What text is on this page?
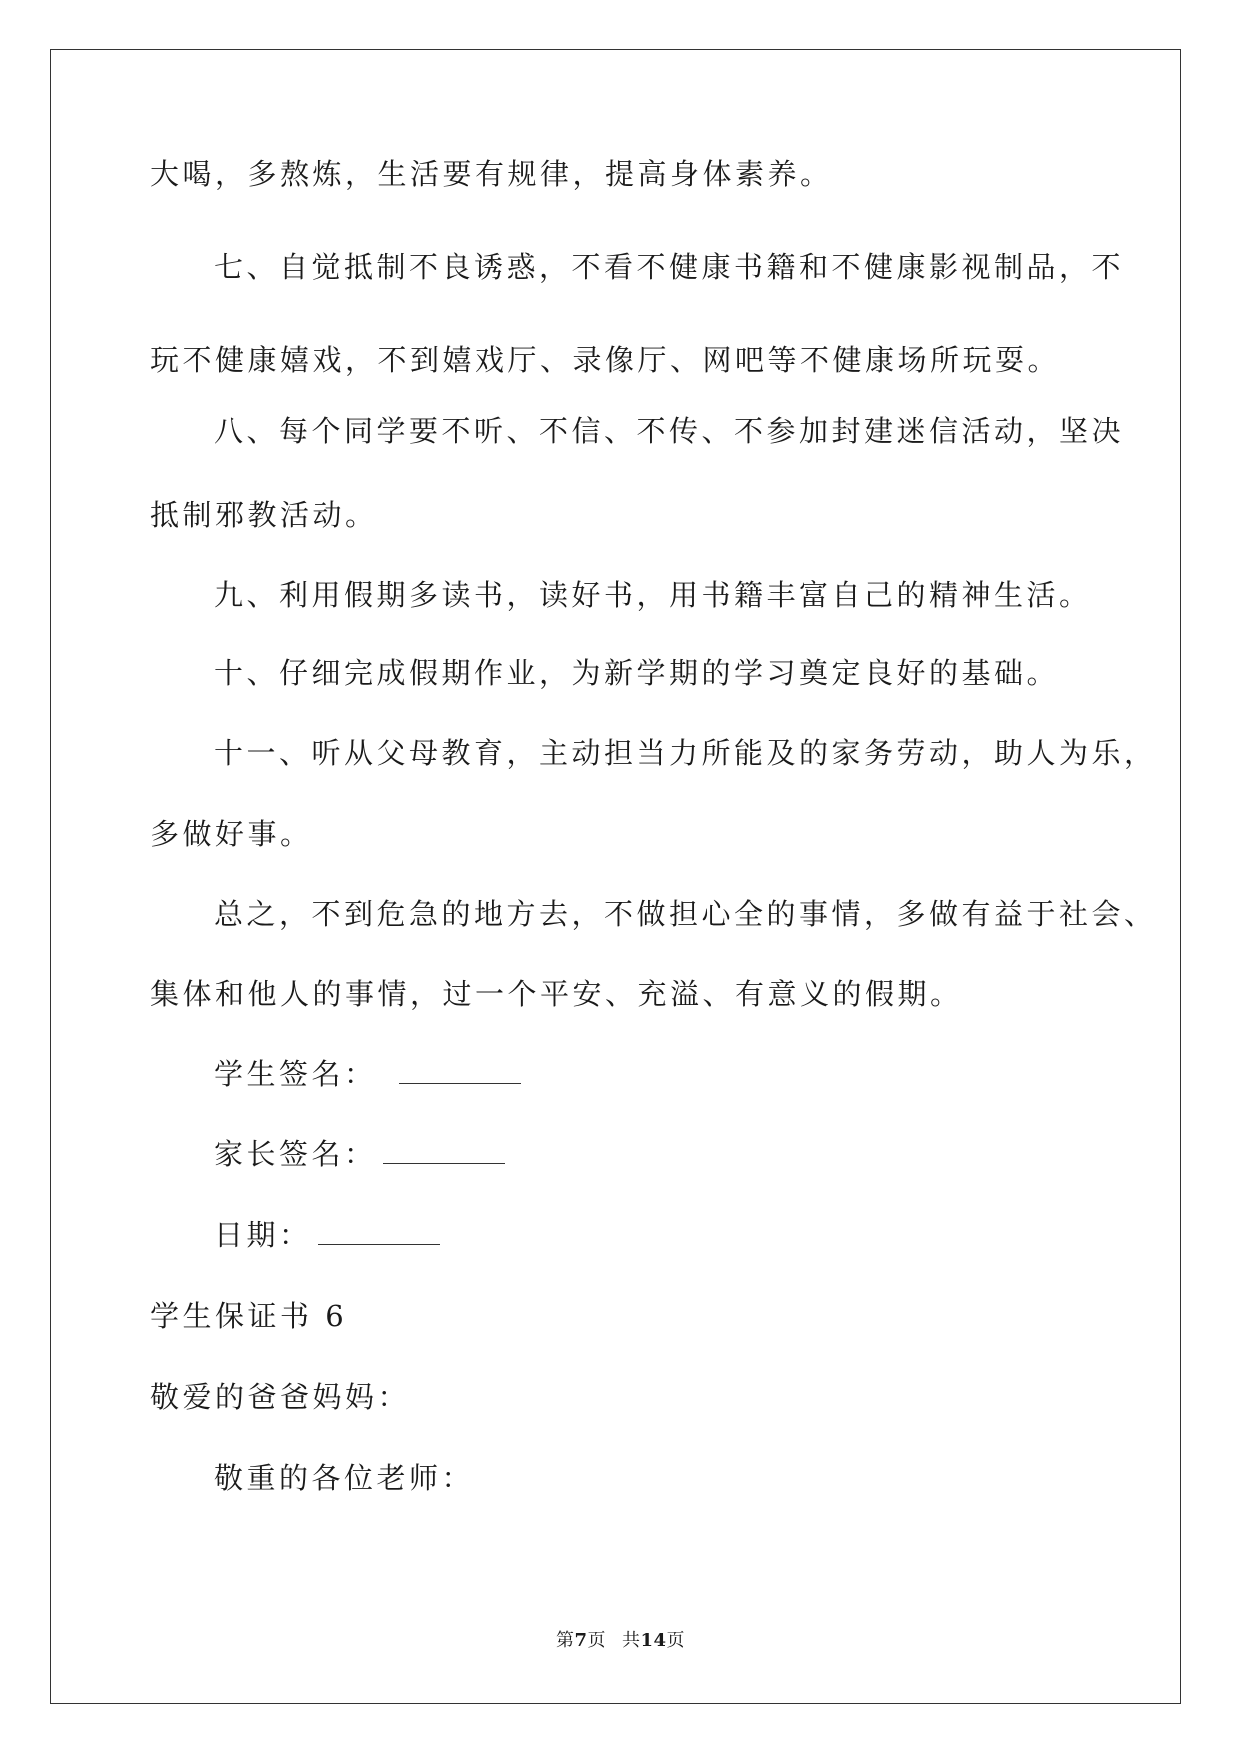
大喝，多熬炼，生活要有规律，提高身体素养。
七、自觉抵制不良诱惑，不看不健康书籍和不健康影视制品，不
玩不健康嬉戏，不到嬉戏厅、录像厅、网吧等不健康场所玩耍。
八、每个同学要不听、不信、不传、不参加封建迷信活动，坚决
抵制邪教活动。
九、利用假期多读书，读好书，用书籍丰富自己的精神生活。
十、仔细完成假期作业，为新学期的学习奠定良好的基础。
十一、听从父母教育，主动担当力所能及的家务劳动，助人为乐，
多做好事。
总之，不到危急的地方去，不做担心全的事情，多做有益于社会、
集体和他人的事情，过一个平安、充溢、有意义的假期。
学生签名：
家长签名：
日期：
学生保证书 6
敬爱的爸爸妈妈：
敬重的各位老师：
第7页 共14页
